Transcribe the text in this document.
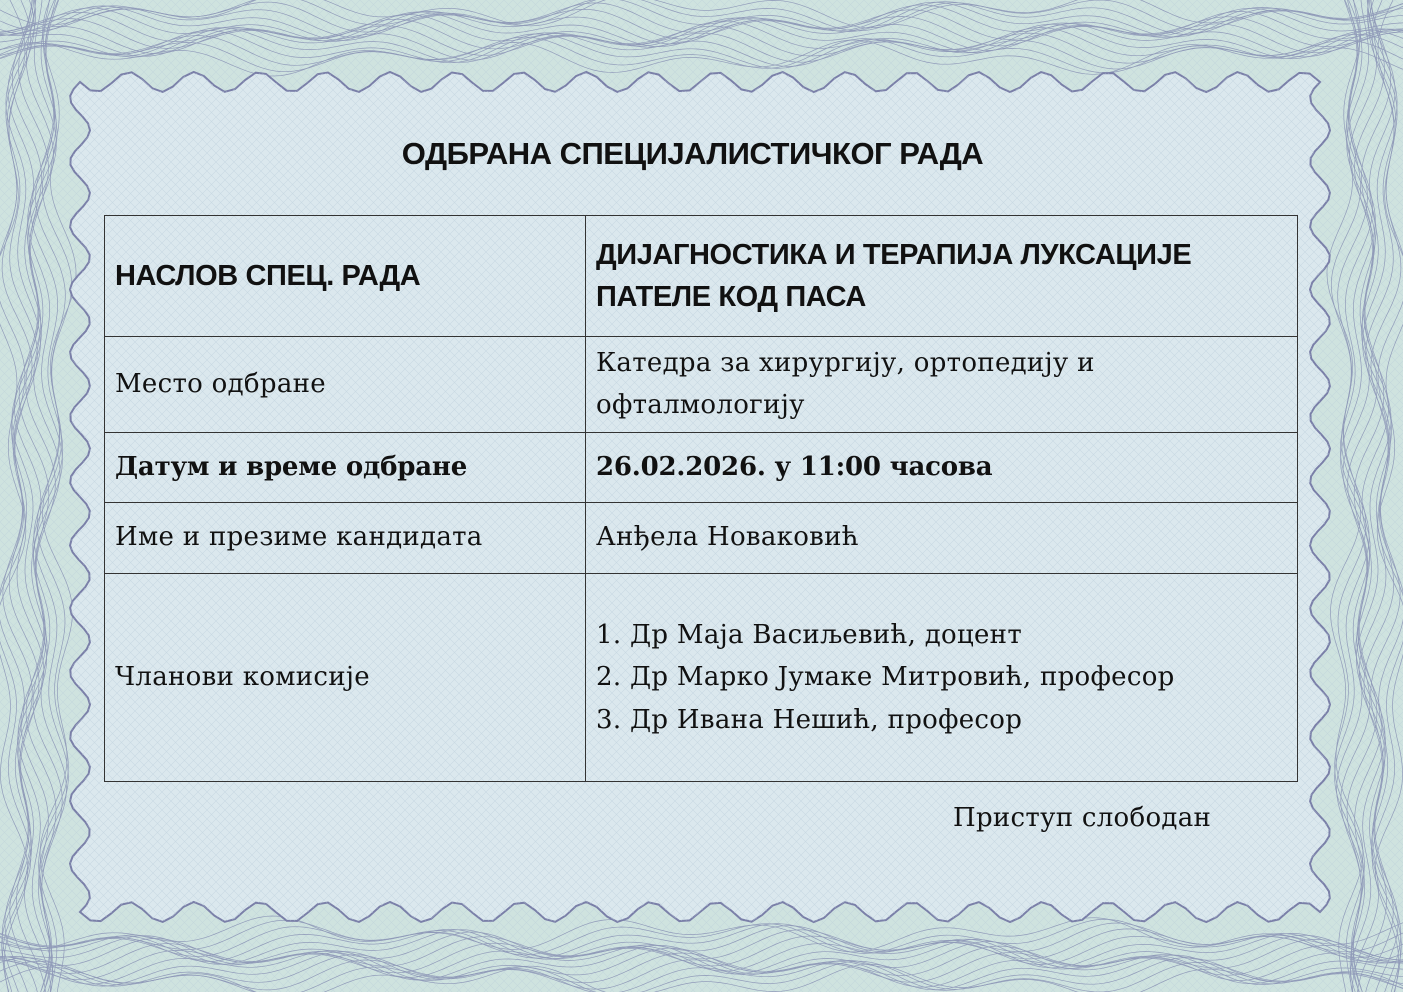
ОДБРАНА СПЕЦИЈАЛИСТИЧКОГ РАДА
НАСЛОВ СПЕЦ. РАДА	ДИЈАГНОСТИКА И ТЕРАПИЈА ЛУКСАЦИЈЕ ПАТЕЛЕ КОД ПАСА
Место одбране	Катедра за хирургију, ортопедију и офталмологију
Датум и време одбране	26.02.2026. у 11:00 часова
Име и презиме кандидата	Анђела Новаковић
Чланови комисије	1. Др Маја Васиљевић, доцент
2. Др Марко Јумаке Митровић, професор
3. Др Ивана Нешић, професор

Приступ слободан
